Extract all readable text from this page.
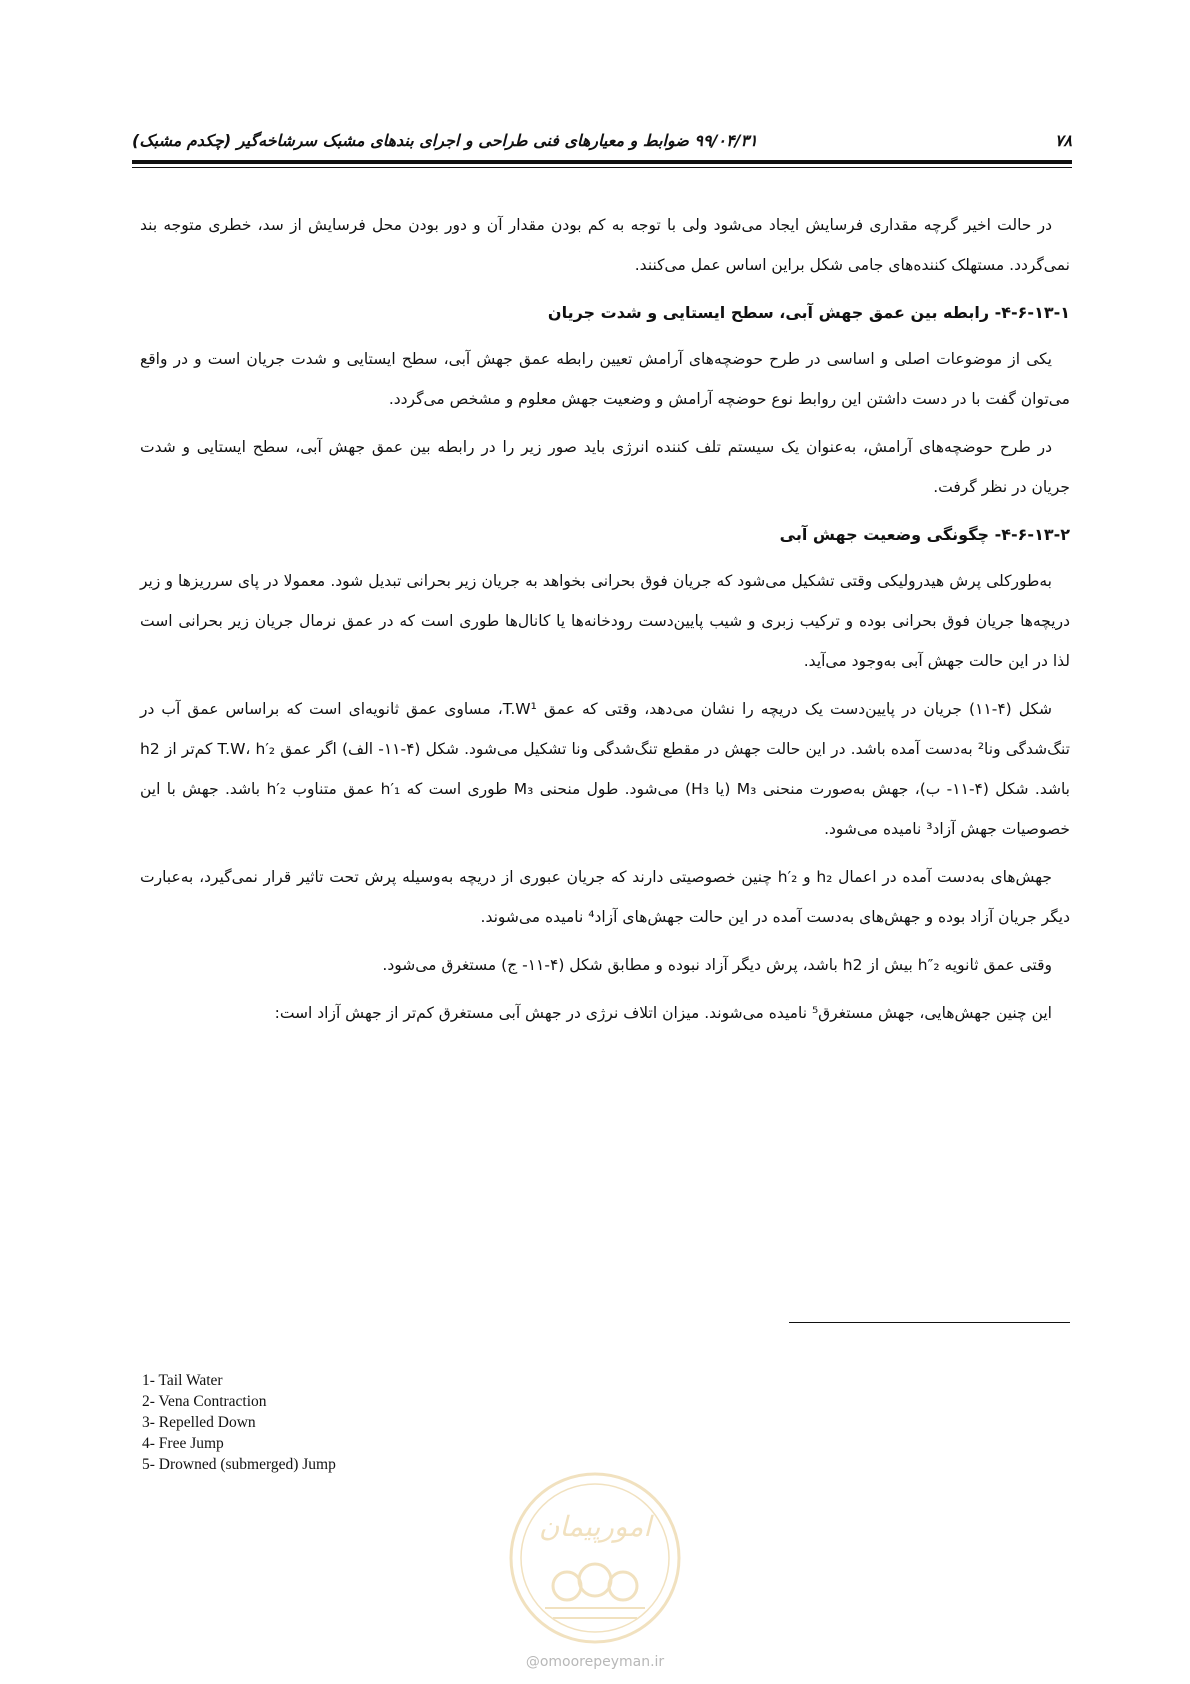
۷۸
۹۹/۰۴/۳۱ ضوابط و معیارهای فنی طراحی و اجرای بندهای مشبک سرشاخه‌گیر (چکدم مشبک)

در حالت اخیر گرچه مقداری فرسایش ایجاد می‌شود ولی با توجه به کم بودن مقدار آن و دور بودن محل فرسایش از سد، خطری متوجه بند نمی‌گردد. مستهلک کننده‌های جامی شکل براین اساس عمل می‌کنند.

۴-۶-۱۳-۱- رابطه بین عمق جهش آبی، سطح ایستایی و شدت جریان

یکی از موضوعات اصلی و اساسی در طرح حوضچه‌های آرامش تعیین رابطه عمق جهش آبی، سطح ایستایی و شدت جریان است و در واقع می‌توان گفت با در دست داشتن این روابط نوع حوضچه آرامش و وضعیت جهش معلوم و مشخص می‌گردد.

در طرح حوضچه‌های آرامش، به‌عنوان یک سیستم تلف کننده انرژی باید صور زیر را در رابطه بین عمق جهش آبی، سطح ایستایی و شدت جریان در نظر گرفت.

۴-۶-۱۳-۲- چگونگی وضعیت جهش آبی

به‌طورکلی پرش هیدرولیکی وقتی تشکیل می‌شود که جریان فوق بحرانی بخواهد به جریان زیر بحرانی تبدیل شود. معمولا در پای سرریزها و زیر دریچه‌ها جریان فوق بحرانی بوده و ترکیب زبری و شیب پایین‌دست رودخانه‌ها یا کانال‌ها طوری است که در عمق نرمال جریان زیر بحرانی است لذا در این حالت جهش آبی به‌وجود می‌آید.

شکل (۴-۱۱) جریان در پایین‌دست یک دریچه را نشان می‌دهد، وقتی که عمق T.W¹، مساوی عمق ثانویه‌ای است که براساس عمق آب در تنگ‌شدگی ونا² به‌دست آمده باشد. در این حالت جهش در مقطع تنگ‌شدگی ونا تشکیل می‌شود. شکل (۴-۱۱- الف) اگر عمق T.W، h′₂ کم‌تر از h2 باشد. شکل (۴-۱۱- ب)، جهش به‌صورت منحنی M₃ (یا H₃) می‌شود. طول منحنی M₃ طوری است که h′₁ عمق متناوب h′₂ باشد. جهش با این خصوصیات جهش آزاد³ نامیده می‌شود.

جهش‌های به‌دست آمده در اعمال h₂ و h′₂ چنین خصوصیتی دارند که جریان عبوری از دریچه به‌وسیله پرش تحت تاثیر قرار نمی‌گیرد، به‌عبارت دیگر جریان آزاد بوده و جهش‌های به‌دست آمده در این حالت جهش‌های آزاد⁴ نامیده می‌شوند.

وقتی عمق ثانویه h″₂ بیش از h2 باشد، پرش دیگر آزاد نبوده و مطابق شکل (۴-۱۱- ج) مستغرق می‌شود.

این چنین جهش‌هایی، جهش مستغرق⁵ نامیده می‌شوند. میزان اتلاف نرژی در جهش آبی مستغرق کم‌تر از جهش آزاد است:

1- Tail Water
2- Vena Contraction
3- Repelled Down
4- Free Jump
5- Drowned (submerged) Jump
امورپیمان
@omoorepeyman.ir
